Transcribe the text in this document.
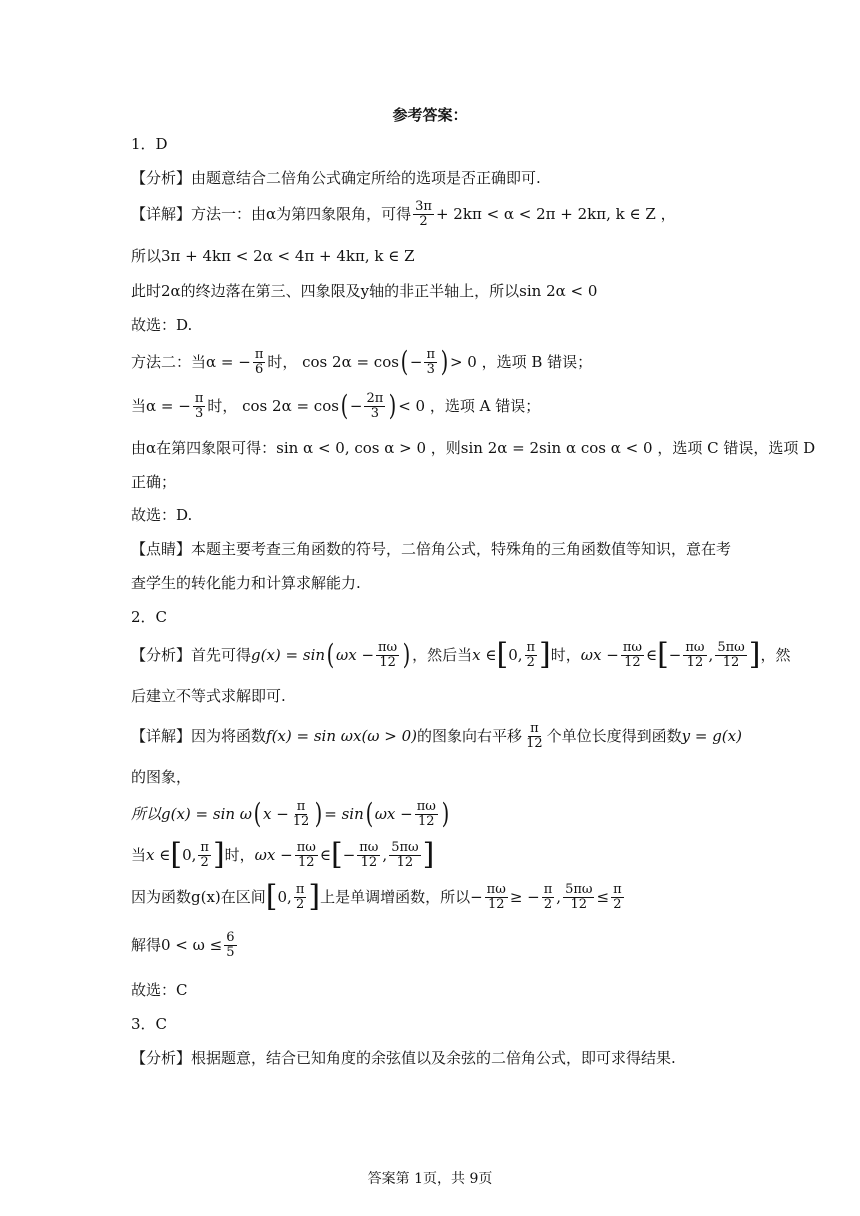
参考答案：
1．D
【分析】由题意结合二倍角公式确定所给的选项是否正确即可.
【详解】方法一：由α为第四象限角，可得 $\frac{3\pi}{2} + 2k\pi < \alpha < 2\pi + 2k\pi$, k ∈ Z ，
所以3π + 4kπ < 2α < 4π + 4kπ, k ∈ Z
此时2α的终边落在第三、四象限及y轴的非正半轴上，所以sin 2α < 0
故选：D.
方法二：当α = − $\frac{\pi}{6}$ 时， cos 2α = cos ( − $\frac{\pi}{3}$ ) > 0 ，选项 B 错误；
当α = − $\frac{\pi}{3}$ 时， cos 2α = cos ( − $\frac{2\pi}{3}$ ) < 0 ，选项 A 错误；
由α在第四象限可得：sin α < 0, cos α > 0 ，则sin 2α = 2sin α cos α < 0 ，选项 C 错误，选项 D
正确；
故选：D.
【点睛】本题主要考查三角函数的符号，二倍角公式，特殊角的三角函数值等知识，意在考
查学生的转化能力和计算求解能力.
2．C
【分析】首先可得 g(x) = sin ( $\omega x - \frac{\pi\omega}{12}$ ) ，然后当 x ∈ [ 0, $\frac{\pi}{2}$ ] 时， $\omega x - \frac{\pi\omega}{12}$ ∈ [ − $\frac{\pi\omega}{12}$ , $\frac{5\pi\omega}{12}$ ] ，然
后建立不等式求解即可.
【详解】因为将函数 f(x) = sin ωx(ω > 0) 的图象向右平移 $\frac{\pi}{12}$ 个单位长度得到函数 y = g(x)
的图象，
所以g(x) = sin ω ( $x - \frac{\pi}{12}$ ) = sin ( $\omega x - \frac{\pi\omega}{12}$ )
当 x ∈ [ 0, $\frac{\pi}{2}$ ] 时， $\omega x - \frac{\pi\omega}{12}$ ∈ [ − $\frac{\pi\omega}{12}$ , $\frac{5\pi\omega}{12}$ ]
因为函数g(x)在区间 [ 0, $\frac{\pi}{2}$ ] 上是单调增函数，所以 − $\frac{\pi\omega}{12}$ ≥ − $\frac{\pi}{2}$ , $\frac{5\pi\omega}{12} \le \frac{\pi}{2}$
解得$0 < \omega \le \frac{6}{5}$
故选：C
3．C
【分析】根据题意，结合已知角度的余弦值以及余弦的二倍角公式，即可求得结果.
答案第 1页，共 9页
